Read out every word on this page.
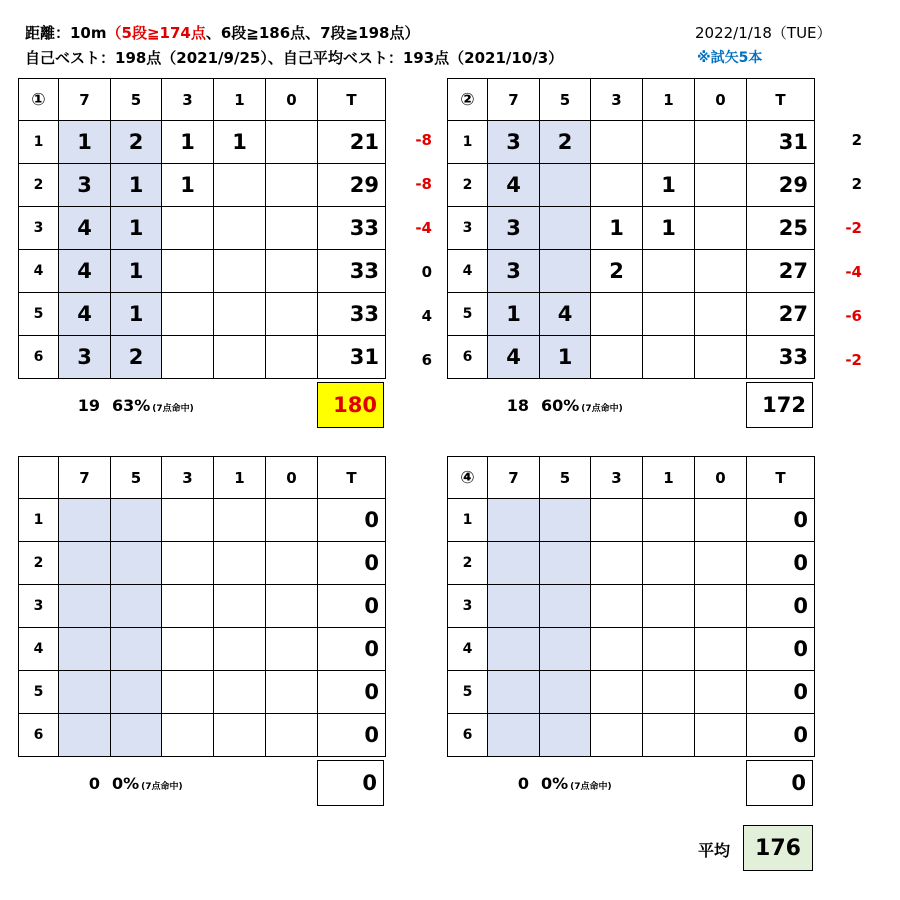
距離：10m（5段≧174点、6段≧186点、7段≧198点）
自己ベスト：198点（2021/9/25）、自己平均ベスト：193点（2021/10/3）
2022/1/18（TUE）
※試矢5本
-8
-8
-4
0
4
6
①	7	5	3	1	0	T
1	1	2	1	1		21
2	3	1	1			29
3	4	1				33
4	4	1				33
5	4	1				33
6	3	2				31
19 63% (7点命中)	180
2
2
-2
-4
-6
-2
②	7	5	3	1	0	T
1	3	2				31
2	4			1		29
3	3		1	1		25
4	3		2			27
5	1	4				27
6	4	1				33
18 60% (7点命中)	172
	7	5	3	1	0	T
1						0
2						0
3						0
4						0
5						0
6						0
0 0% (7点命中)	0
④	7	5	3	1	0	T
1						0
2						0
3						0
4						0
5						0
6						0
0 0% (7点命中)	0
平均	176
